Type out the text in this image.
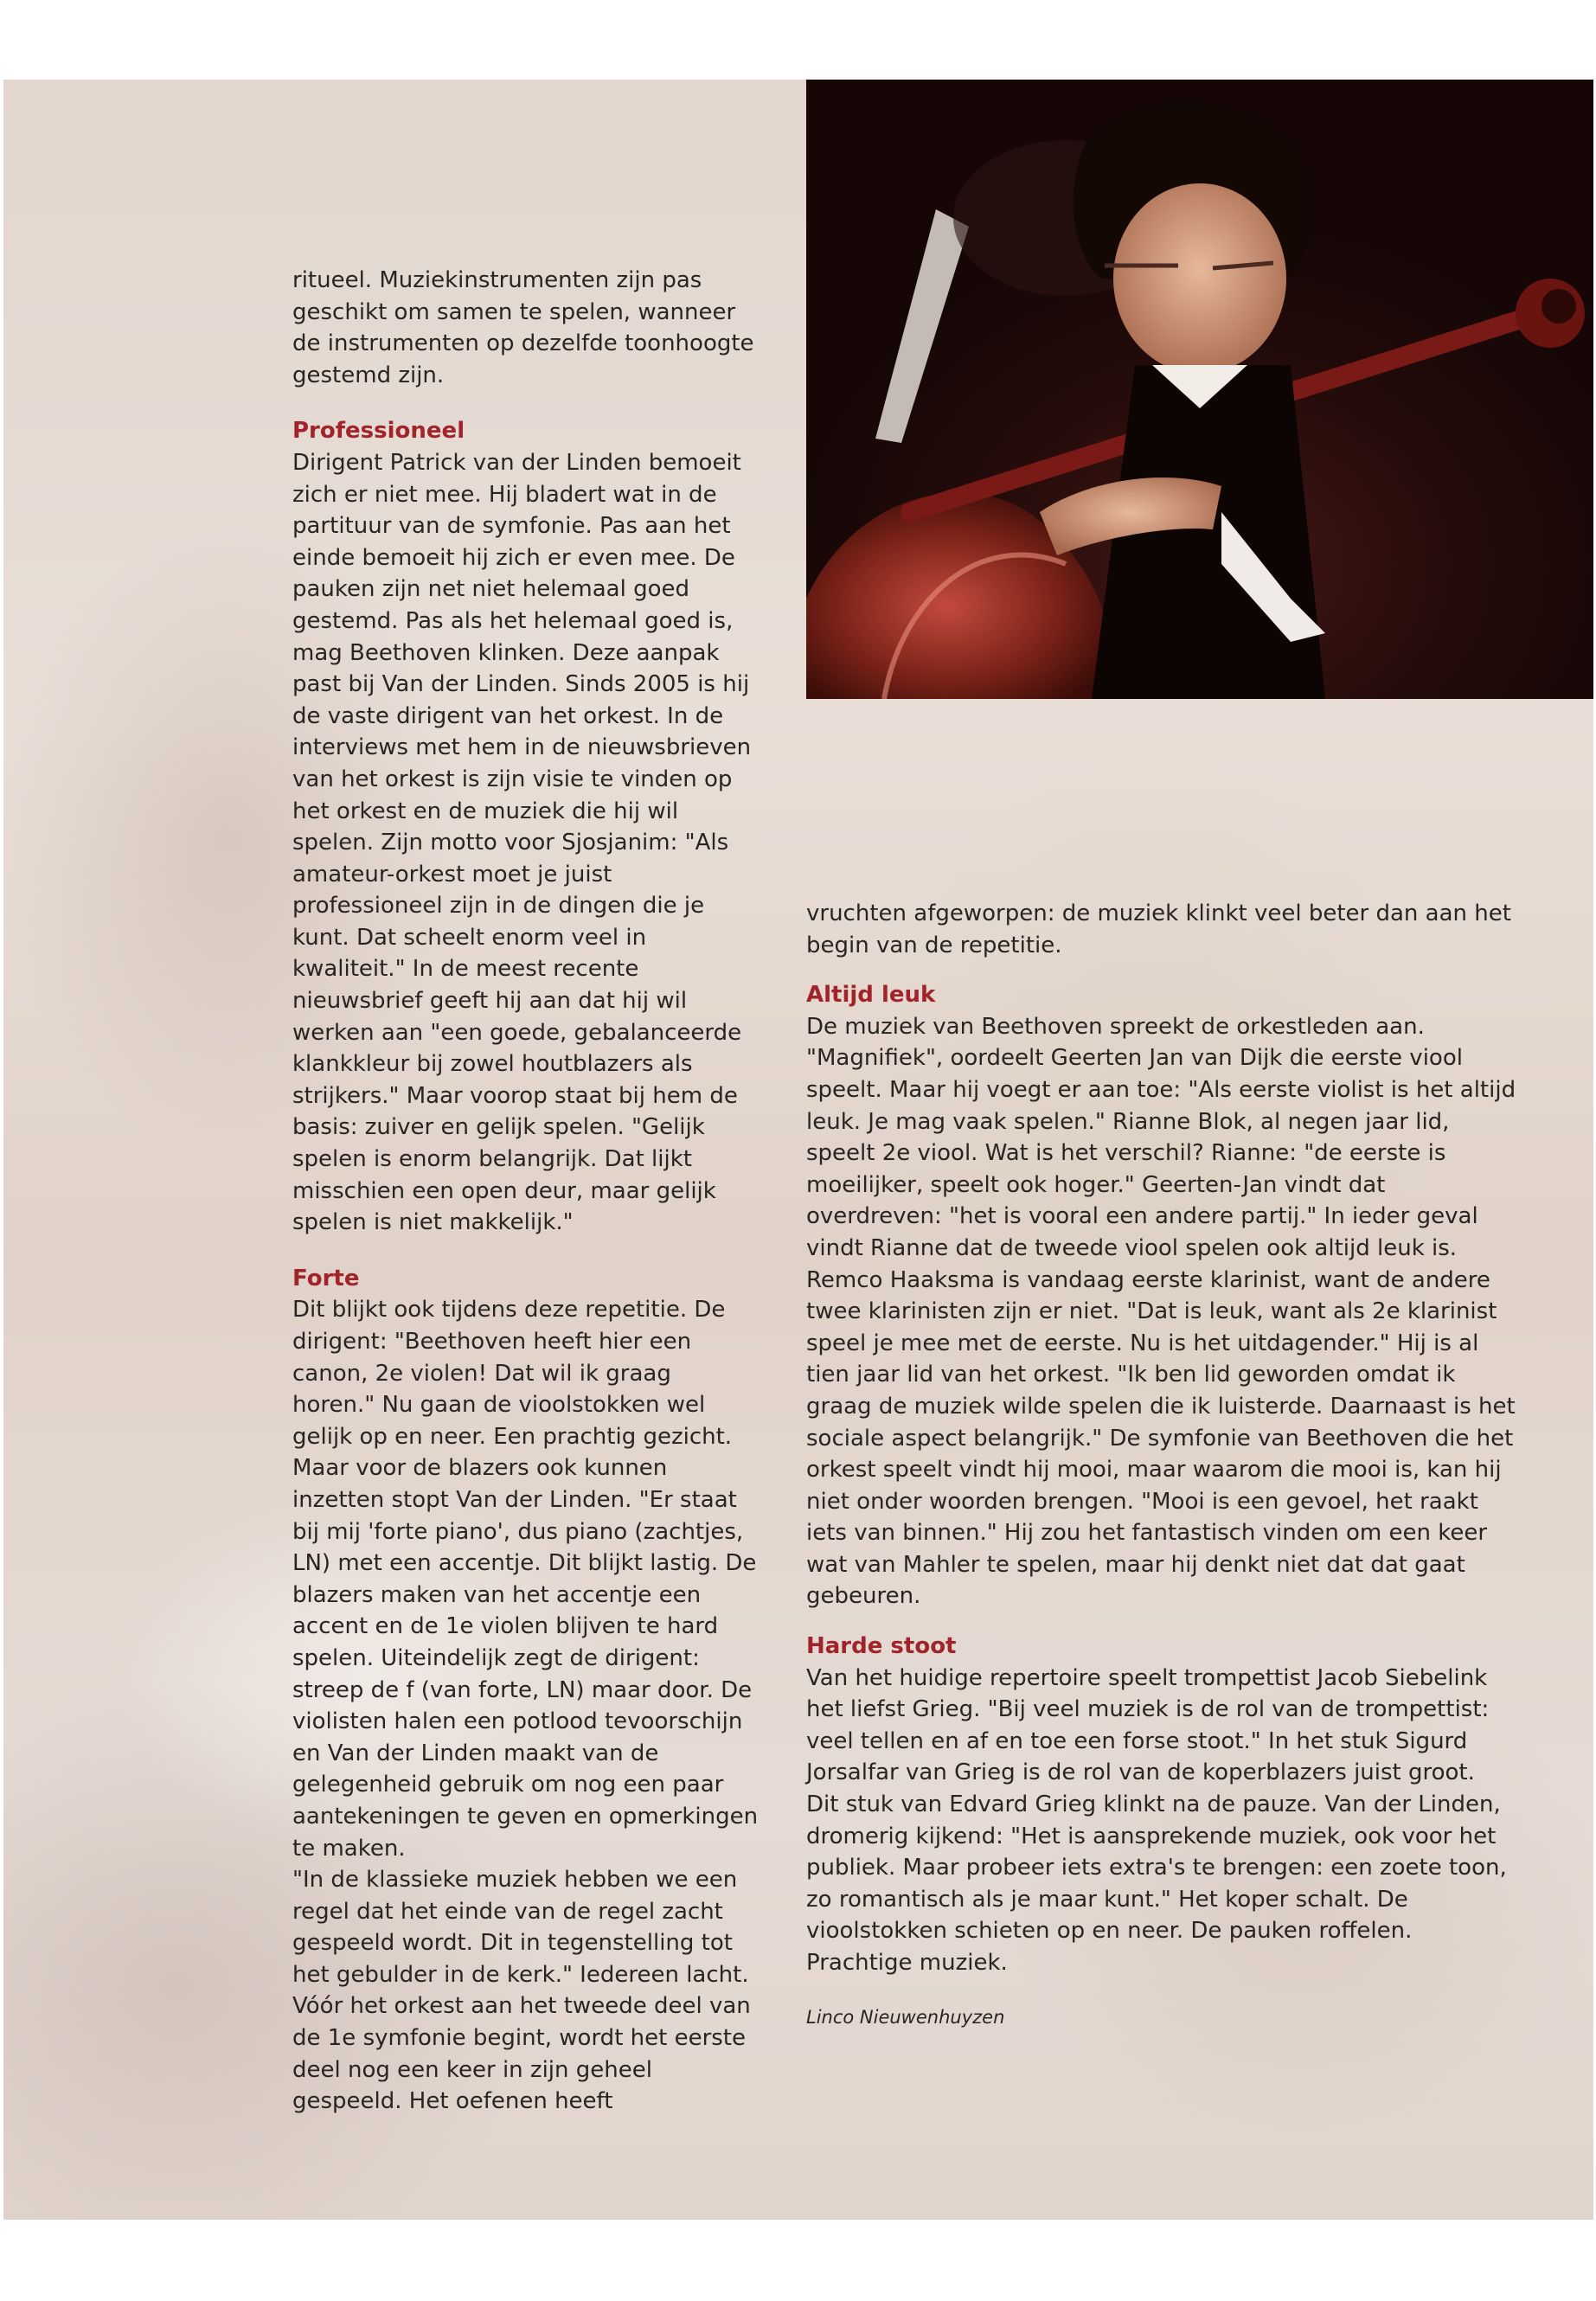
ritueel. Muziekinstrumenten zijn pas geschikt om samen te spelen, wanneer de instrumenten op dezelfde toonhoogte gestemd zijn.

Professioneel

Dirigent Patrick van der Linden bemoeit zich er niet mee. Hij bladert wat in de partituur van de symfonie. Pas aan het einde bemoeit hij zich er even mee. De pauken zijn net niet helemaal goed gestemd. Pas als het helemaal goed is, mag Beethoven klinken. Deze aanpak past bij Van der Linden. Sinds 2005 is hij de vaste dirigent van het orkest. In de interviews met hem in de nieuwsbrieven van het orkest is zijn visie te vinden op het orkest en de muziek die hij wil spelen. Zijn motto voor Sjosjanim: "Als amateur-orkest moet je juist professioneel zijn in de dingen die je kunt. Dat scheelt enorm veel in kwaliteit." In de meest recente nieuwsbrief geeft hij aan dat hij wil werken aan "een goede, gebalanceerde klankkleur bij zowel houtblazers als strijkers." Maar voorop staat bij hem de basis: zuiver en gelijk spelen. "Gelijk spelen is enorm belangrijk. Dat lijkt misschien een open deur, maar gelijk spelen is niet makkelijk."

Forte

Dit blijkt ook tijdens deze repetitie. De dirigent: "Beethoven heeft hier een canon, 2e violen! Dat wil ik graag horen." Nu gaan de vioolstokken wel gelijk op en neer. Een prachtig gezicht. Maar voor de blazers ook kunnen inzetten stopt Van der Linden. "Er staat bij mij 'forte piano', dus piano (zachtjes, LN) met een accentje. Dit blijkt lastig. De blazers maken van het accentje een accent en de 1e violen blijven te hard spelen. Uiteindelijk zegt de dirigent: streep de f (van forte, LN) maar door. De violisten halen een potlood tevoorschijn en Van der Linden maakt van de gelegenheid gebruik om nog een paar aantekeningen te geven en opmerkingen te maken.

"In de klassieke muziek hebben we een regel dat het einde van de regel zacht gespeeld wordt. Dit in tegenstelling tot het gebulder in de kerk." Iedereen lacht.

Vóór het orkest aan het tweede deel van de 1e symfonie begint, wordt het eerste deel nog een keer in zijn geheel gespeeld. Het oefenen heeft

vruchten afgeworpen: de muziek klinkt veel beter dan aan het begin van de repetitie.

Altijd leuk

De muziek van Beethoven spreekt de orkestleden aan. "Magnifiek", oordeelt Geerten Jan van Dijk die eerste viool speelt. Maar hij voegt er aan toe: "Als eerste violist is het altijd leuk. Je mag vaak spelen." Rianne Blok, al negen jaar lid, speelt 2e viool. Wat is het verschil? Rianne: "de eerste is moeilijker, speelt ook hoger." Geerten-Jan vindt dat overdreven: "het is vooral een andere partij." In ieder geval vindt Rianne dat de tweede viool spelen ook altijd leuk is.

Remco Haaksma is vandaag eerste klarinist, want de andere twee klarinisten zijn er niet. "Dat is leuk, want als 2e klarinist speel je mee met de eerste. Nu is het uitdagender." Hij is al tien jaar lid van het orkest. "Ik ben lid geworden omdat ik graag de muziek wilde spelen die ik luisterde. Daarnaast is het sociale aspect belangrijk." De symfonie van Beethoven die het orkest speelt vindt hij mooi, maar waarom die mooi is, kan hij niet onder woorden brengen. "Mooi is een gevoel, het raakt iets van binnen." Hij zou het fantastisch vinden om een keer wat van Mahler te spelen, maar hij denkt niet dat dat gaat gebeuren.

Harde stoot

Van het huidige repertoire speelt trompettist Jacob Siebelink het liefst Grieg. "Bij veel muziek is de rol van de trompettist: veel tellen en af en toe een forse stoot." In het stuk Sigurd Jorsalfar van Grieg is de rol van de koperblazers juist groot.

Dit stuk van Edvard Grieg klinkt na de pauze. Van der Linden, dromerig kijkend: "Het is aansprekende muziek, ook voor het publiek. Maar probeer iets extra's te brengen: een zoete toon, zo romantisch als je maar kunt." Het koper schalt. De vioolstokken schieten op en neer. De pauken roffelen. Prachtige muziek.

Linco Nieuwenhuyzen
